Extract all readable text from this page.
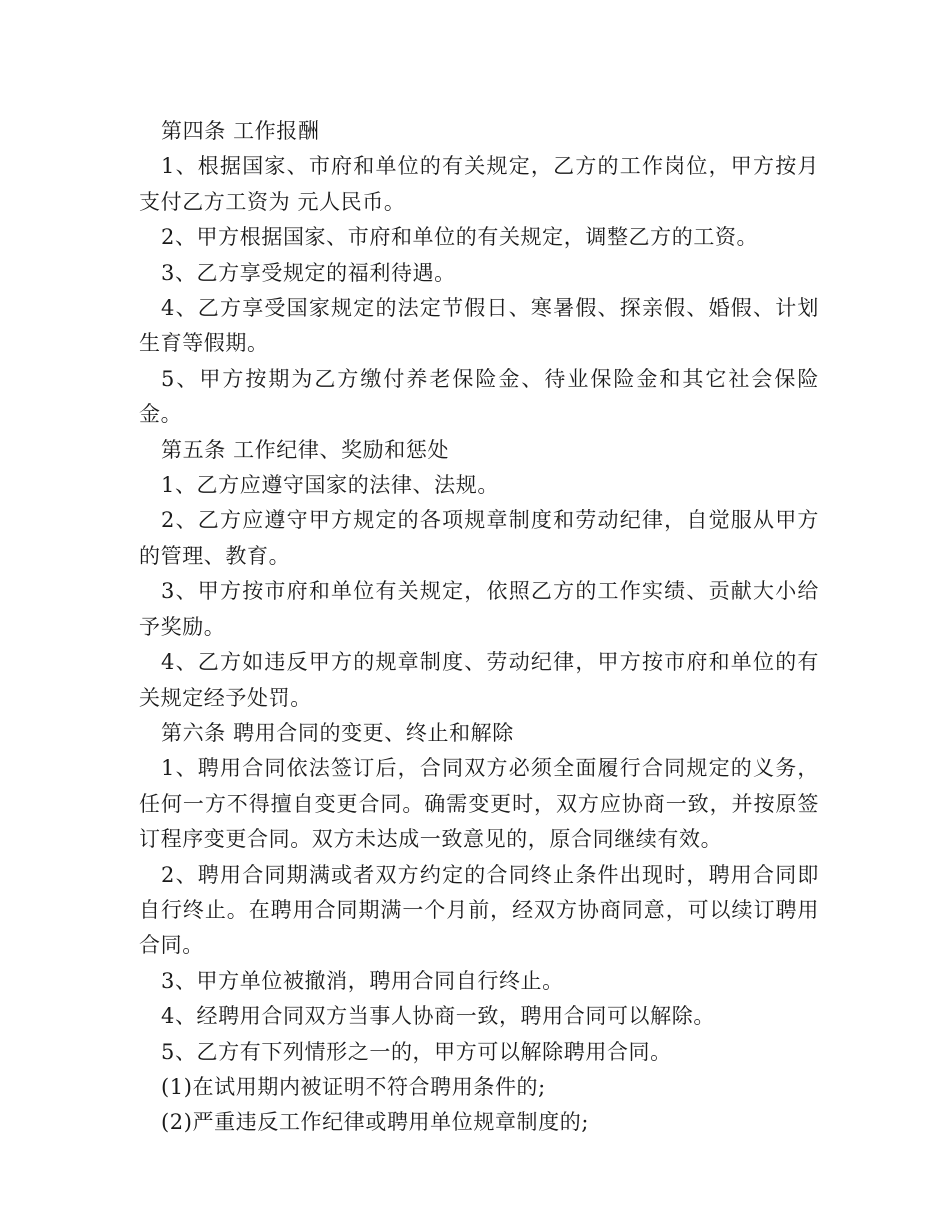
第四条 工作报酬

1、根据国家、市府和单位的有关规定，乙方的工作岗位，甲方按月支付乙方工资为 元人民币。

2、甲方根据国家、市府和单位的有关规定，调整乙方的工资。

3、乙方享受规定的福利待遇。

4、乙方享受国家规定的法定节假日、寒暑假、探亲假、婚假、计划生育等假期。

5、甲方按期为乙方缴付养老保险金、待业保险金和其它社会保险金。

第五条 工作纪律、奖励和惩处

1、乙方应遵守国家的法律、法规。

2、乙方应遵守甲方规定的各项规章制度和劳动纪律，自觉服从甲方的管理、教育。

3、甲方按市府和单位有关规定，依照乙方的工作实绩、贡献大小给予奖励。

4、乙方如违反甲方的规章制度、劳动纪律，甲方按市府和单位的有关规定经予处罚。

第六条 聘用合同的变更、终止和解除

1、聘用合同依法签订后，合同双方必须全面履行合同规定的义务，任何一方不得擅自变更合同。确需变更时，双方应协商一致，并按原签订程序变更合同。双方未达成一致意见的，原合同继续有效。

2、聘用合同期满或者双方约定的合同终止条件出现时，聘用合同即自行终止。在聘用合同期满一个月前，经双方协商同意，可以续订聘用合同。

3、甲方单位被撤消，聘用合同自行终止。

4、经聘用合同双方当事人协商一致，聘用合同可以解除。

5、乙方有下列情形之一的，甲方可以解除聘用合同。

(1)在试用期内被证明不符合聘用条件的;

(2)严重违反工作纪律或聘用单位规章制度的;
